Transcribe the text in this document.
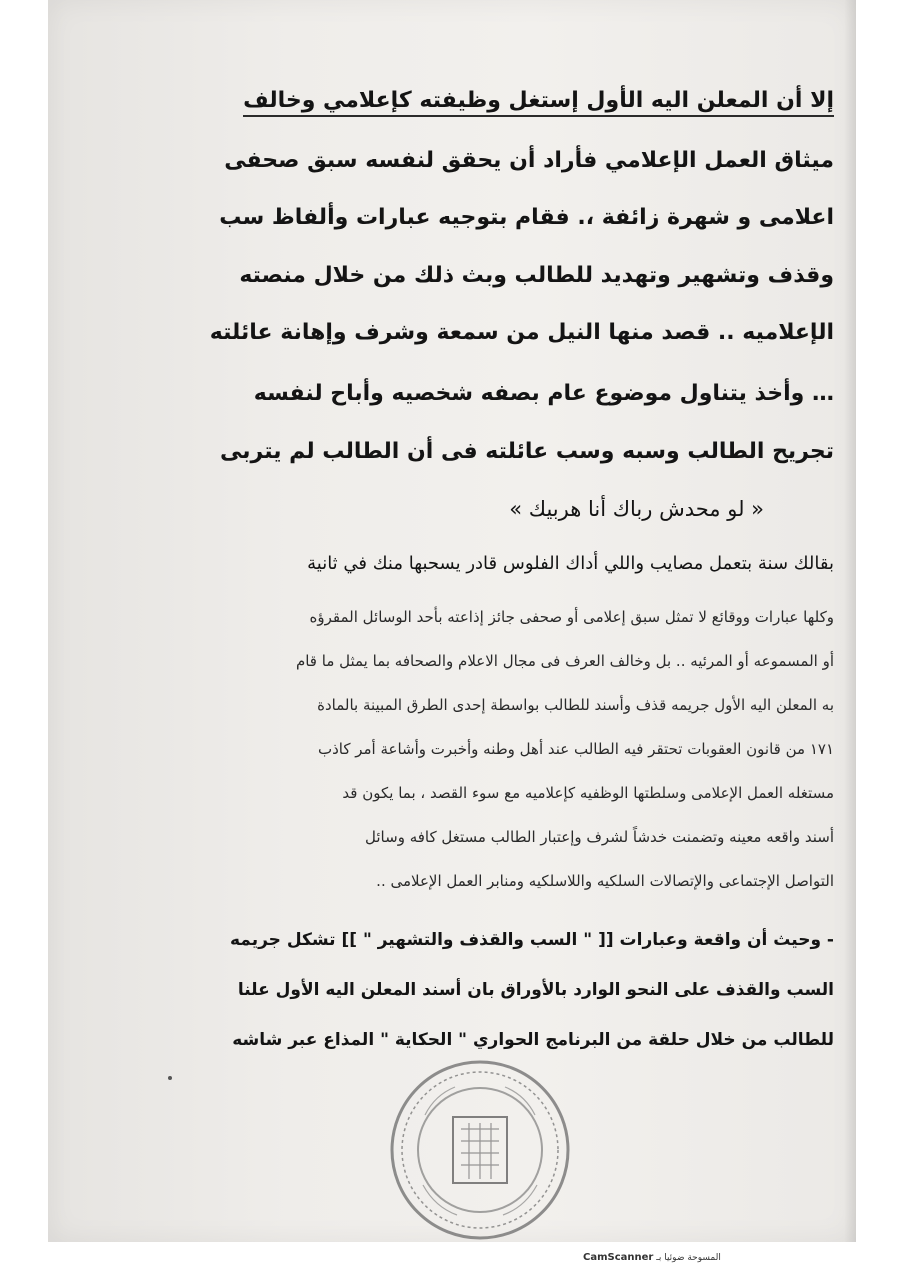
إلا أن المعلن اليه الأول إستغل وظيفته كإعلامي وخالف
ميثاق العمل الإعلامي فأراد أن يحقق لنفسه سبق صحفى
اعلامى و شهرة زائفة ،. فقام بتوجيه عبارات وألفاظ سب
وقذف وتشهير وتهديد للطالب وبث ذلك من خلال منصته
الإعلاميه .. قصد منها النيل من سمعة وشرف وإهانة عائلته
… وأخذ يتناول موضوع عام بصفه شخصيه وأباح لنفسه
تجريح الطالب وسبه وسب عائلته فى أن الطالب لم يتربى
« لو محدش رباك أنا هربيك »
بقالك سنة بتعمل مصايب واللي أداك الفلوس قادر يسحبها منك في ثانية
وكلها عبارات ووقائع لا تمثل سبق إعلامى أو صحفى جائز إذاعته بأحد الوسائل المقرؤه
أو المسموعه أو المرئيه .. بل وخالف العرف فى مجال الاعلام والصحافه بما يمثل ما قام
به المعلن اليه الأول جريمه قذف وأسند للطالب بواسطة إحدى الطرق المبينة بالمادة
١٧١ من قانون العقوبات تحتقر فيه الطالب عند أهل وطنه وأخبرت وأشاعة أمر كاذب
مستغله العمل الإعلامى وسلطتها الوظفيه كإعلاميه مع سوء القصد ، بما يكون قد
أسند واقعه معينه وتضمنت خدشاً لشرف وإعتبار الطالب مستغل كافه وسائل
التواصل الإجتماعى والإتصالات السلكيه واللاسلكيه ومنابر العمل الإعلامى ..
- وحيث أن واقعة وعبارات [[ " السب والقذف والتشهير " ]] تشكل جريمه
السب والقذف على النحو الوارد بالأوراق بان أسند المعلن اليه الأول علنا
للطالب من خلال حلقة من البرنامج الحواري " الحكاية " المذاع عبر شاشه
CamScanner المسوحة ضوئيا بـ
